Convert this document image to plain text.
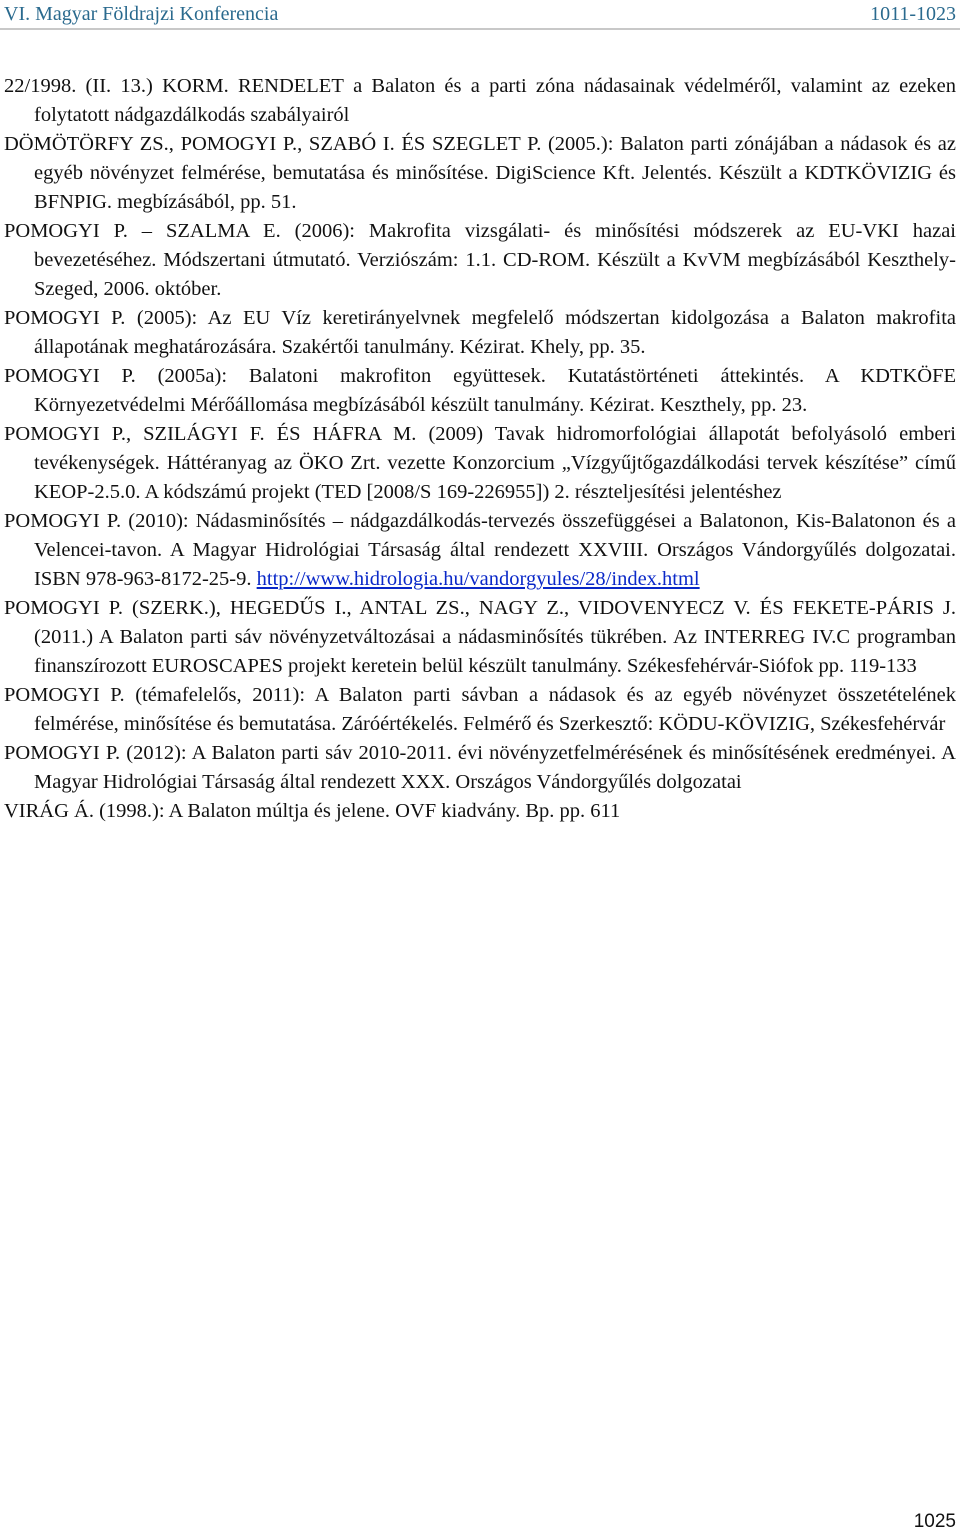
VI. Magyar Földrajzi Konferencia	1011-1023

22/1998. (II. 13.) KORM. RENDELET a Balaton és a parti zóna nádasainak védelméről, valamint az ezeken folytatott nádgazdálkodás szabályairól

DÖMÖTÖRFY ZS., POMOGYI P., SZABÓ I. ÉS SZEGLET P. (2005.): Balaton parti zónájában a nádasok és az egyéb növényzet felmérése, bemutatása és minősítése. DigiScience Kft. Jelentés. Készült a KDTKÖVIZIG és BFNPIG. megbízásából, pp. 51.

POMOGYI P. – SZALMA E. (2006): Makrofita vizsgálati- és minősítési módszerek az EU-VKI hazai bevezetéséhez. Módszertani útmutató. Verziószám: 1.1. CD-ROM. Készült a KvVM megbízásából Keszthely-Szeged, 2006. október.

POMOGYI P. (2005): Az EU Víz keretirányelvnek megfelelő módszertan kidolgozása a Balaton makrofita állapotának meghatározására. Szakértői tanulmány. Kézirat. Khely, pp. 35.

POMOGYI P. (2005a): Balatoni makrofiton együttesek. Kutatástörténeti áttekintés. A KDTKÖFE Környezetvédelmi Mérőállomása megbízásából készült tanulmány. Kézirat. Keszthely, pp. 23.

POMOGYI P., SZILÁGYI F. ÉS HÁFRA M. (2009) Tavak hidromorfológiai állapotát befolyásoló emberi tevékenységek. Háttéranyag az ÖKO Zrt. vezette Konzorcium „Vízgyűjtőgazdálkodási tervek készítése” című KEOP-2.5.0. A kódszámú projekt (TED [2008/S 169-226955]) 2. részteljesítési jelentéshez

POMOGYI P. (2010): Nádasminősítés – nádgazdálkodás-tervezés összefüggései a Balatonon, Kis-Balatonon és a Velencei-tavon. A Magyar Hidrológiai Társaság által rendezett XXVIII. Országos Vándorgyűlés dolgozatai. ISBN 978-963-8172-25-9. http://www.hidrologia.hu/vandorgyules/28/index.html

POMOGYI P. (SZERK.), HEGEDŰS I., ANTAL ZS., NAGY Z., VIDOVENYECZ V. ÉS FEKETE-PÁRIS J. (2011.) A Balaton parti sáv növényzetváltozásai a nádasminősítés tükrében. Az INTERREG IV.C programban finanszírozott EUROSCAPES projekt keretein belül készült tanulmány. Székesfehérvár-Siófok pp. 119-133

POMOGYI P. (témafelelős, 2011): A Balaton parti sávban a nádasok és az egyéb növényzet összetételének felmérése, minősítése és bemutatása. Záróértékelés. Felmérő és Szerkesztő: KÖDU-KÖVIZIG, Székesfehérvár

POMOGYI P. (2012): A Balaton parti sáv 2010-2011. évi növényzetfelmérésének és minősítésének eredményei. A Magyar Hidrológiai Társaság által rendezett XXX. Országos Vándorgyűlés dolgozatai

VIRÁG Á. (1998.): A Balaton múltja és jelene. OVF kiadvány. Bp. pp. 611

1025
